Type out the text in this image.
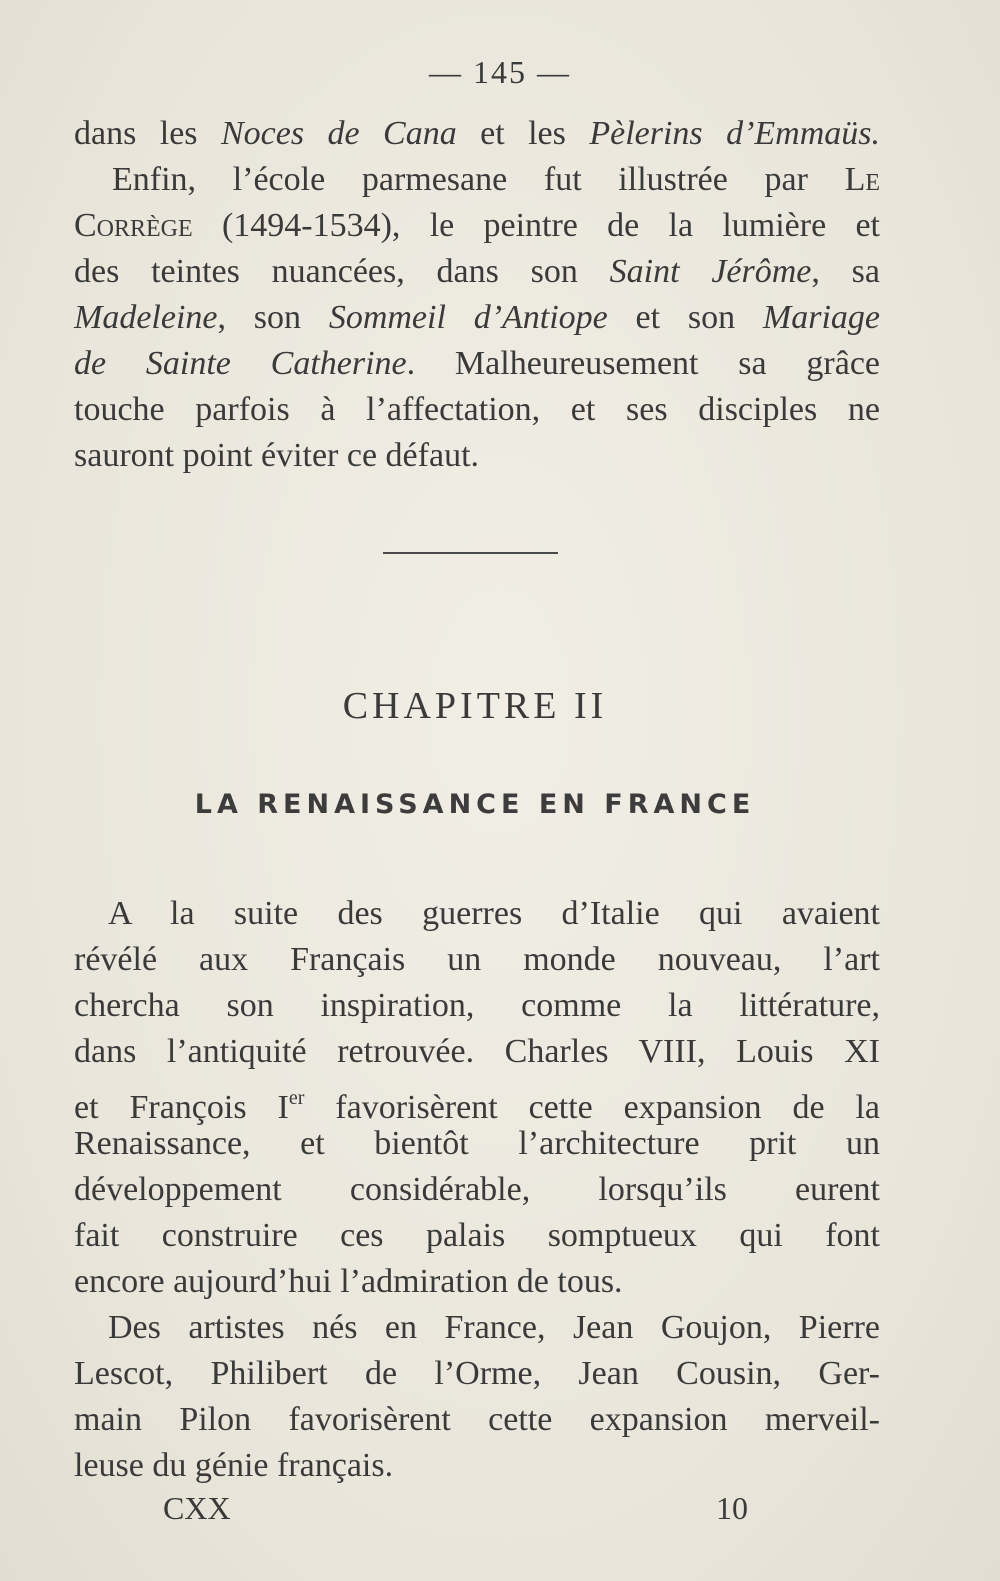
— 145 —
dans les Noces de Cana et les Pèlerins d’Emmaüs.
Enfin, l’école parmesane fut illustrée par Le
Corrège (1494-1534), le peintre de la lumière et
des teintes nuancées, dans son Saint Jérôme, sa
Madeleine, son Sommeil d’Antiope et son Mariage
de Sainte Catherine. Malheureusement sa grâce
touche parfois à l’affectation, et ses disciples ne
sauront point éviter ce défaut.
CHAPITRE II
LA RENAISSANCE EN FRANCE
A la suite des guerres d’Italie qui avaient
révélé aux Français un monde nouveau, l’art
chercha son inspiration, comme la littérature,
dans l’antiquité retrouvée. Charles VIII, Louis XI
et François Ier favorisèrent cette expansion de la
Renaissance, et bientôt l’architecture prit un
développement considérable, lorsqu’ils eurent
fait construire ces palais somptueux qui font
encore aujourd’hui l’admiration de tous.
Des artistes nés en France, Jean Goujon, Pierre
Lescot, Philibert de l’Orme, Jean Cousin, Ger-
main Pilon favorisèrent cette expansion merveil-
leuse du génie français.
CXX	10
